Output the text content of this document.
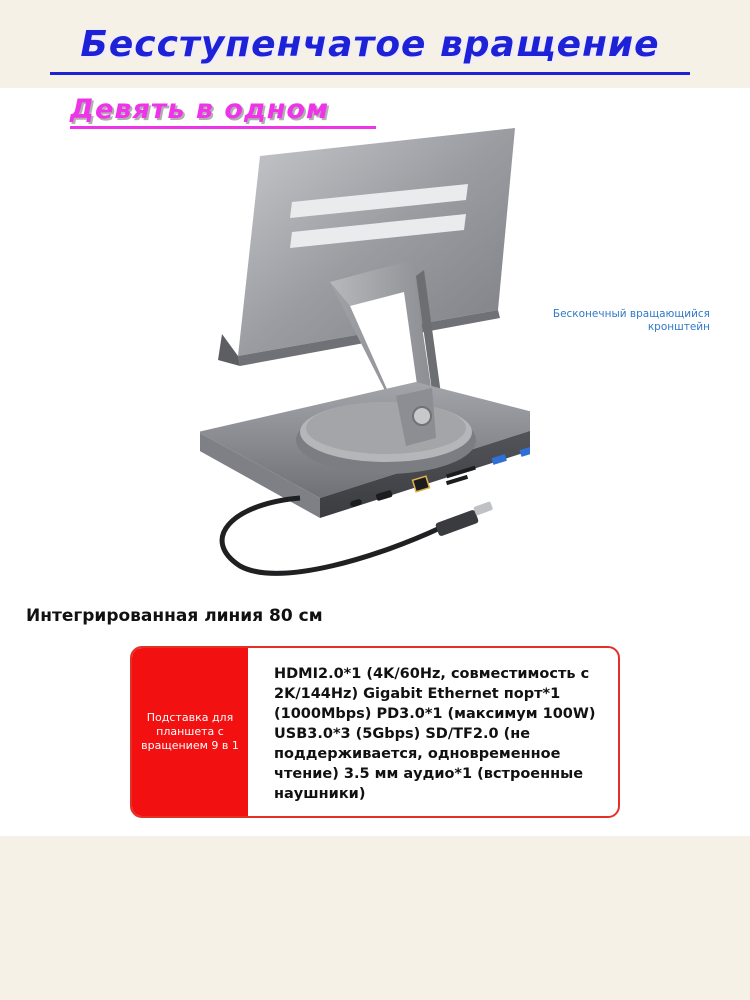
Бесступенчатое вращение
Девять в одном
Бесконечный вращающийся
кронштейн
Интегрированная линия 80 см
Подставка для планшета с вращением 9 в 1
HDMI2.0*1 (4K/60Hz, совместимость с 2K/144Hz) Gigabit Ethernet порт*1 (1000Mbps) PD3.0*1 (максимум 100W) USB3.0*3 (5Gbps) SD/TF2.0 (не поддерживается, одновременное чтение) 3.5 мм аудио*1 (встроенные наушники)
